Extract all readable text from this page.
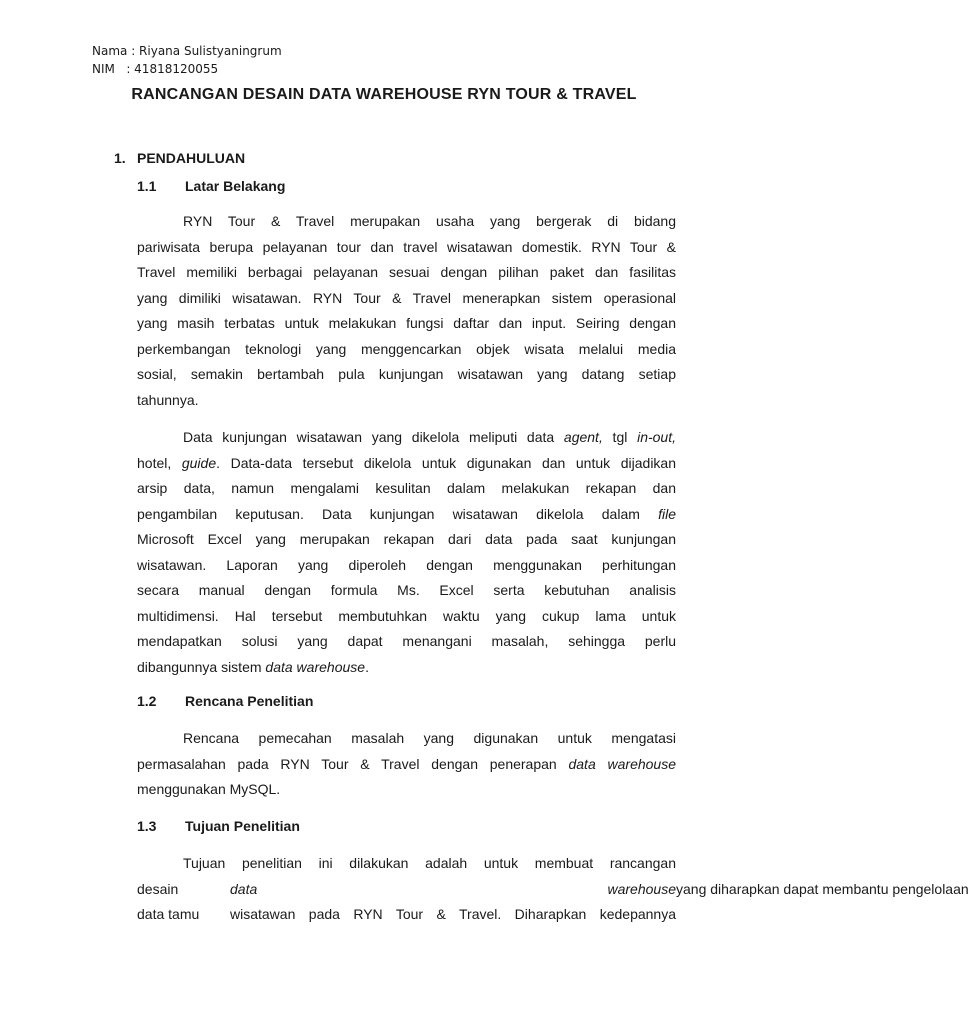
Nama : Riyana Sulistyaningrum
NIM   : 41818120055
RANCANGAN DESAIN DATA WAREHOUSE RYN TOUR & TRAVEL
1. PENDAHULUAN
1.1 Latar Belakang
RYN Tour & Travel merupakan usaha yang bergerak di bidang
pariwisata berupa pelayanan tour dan travel wisatawan domestik. RYN Tour &
Travel memiliki berbagai pelayanan sesuai dengan pilihan paket dan fasilitas
yang dimiliki wisatawan. RYN Tour & Travel menerapkan sistem operasional
yang masih terbatas untuk melakukan fungsi daftar dan input. Seiring dengan
perkembangan teknologi yang menggencarkan objek wisata melalui media
sosial, semakin bertambah pula kunjungan wisatawan yang datang setiap
tahunnya.
Data kunjungan wisatawan yang dikelola meliputi data agent, tgl in-out,
hotel, guide. Data-data tersebut dikelola untuk digunakan dan untuk dijadikan
arsip data, namun mengalami kesulitan dalam melakukan rekapan dan
pengambilan keputusan. Data kunjungan wisatawan dikelola dalam file
Microsoft Excel yang merupakan rekapan dari data pada saat kunjungan
wisatawan. Laporan yang diperoleh dengan menggunakan perhitungan
secara manual dengan formula Ms. Excel serta kebutuhan analisis
multidimensi. Hal tersebut membutuhkan waktu yang cukup lama untuk
mendapatkan solusi yang dapat menangani masalah, sehingga perlu
dibangunnya sistem data warehouse.
1.2 Rencana Penelitian
Rencana pemecahan masalah yang digunakan untuk mengatasi
permasalahan pada RYN Tour & Travel dengan penerapan data warehouse
menggunakan MySQL.
1.3 Tujuan Penelitian
Tujuan penelitian ini dilakukan adalah untuk membuat rancangan
desain	data warehouse yang diharapkan dapat membantu pengelolaan
data tamu wisatawan pada RYN Tour & Travel. Diharapkan kedepannya
